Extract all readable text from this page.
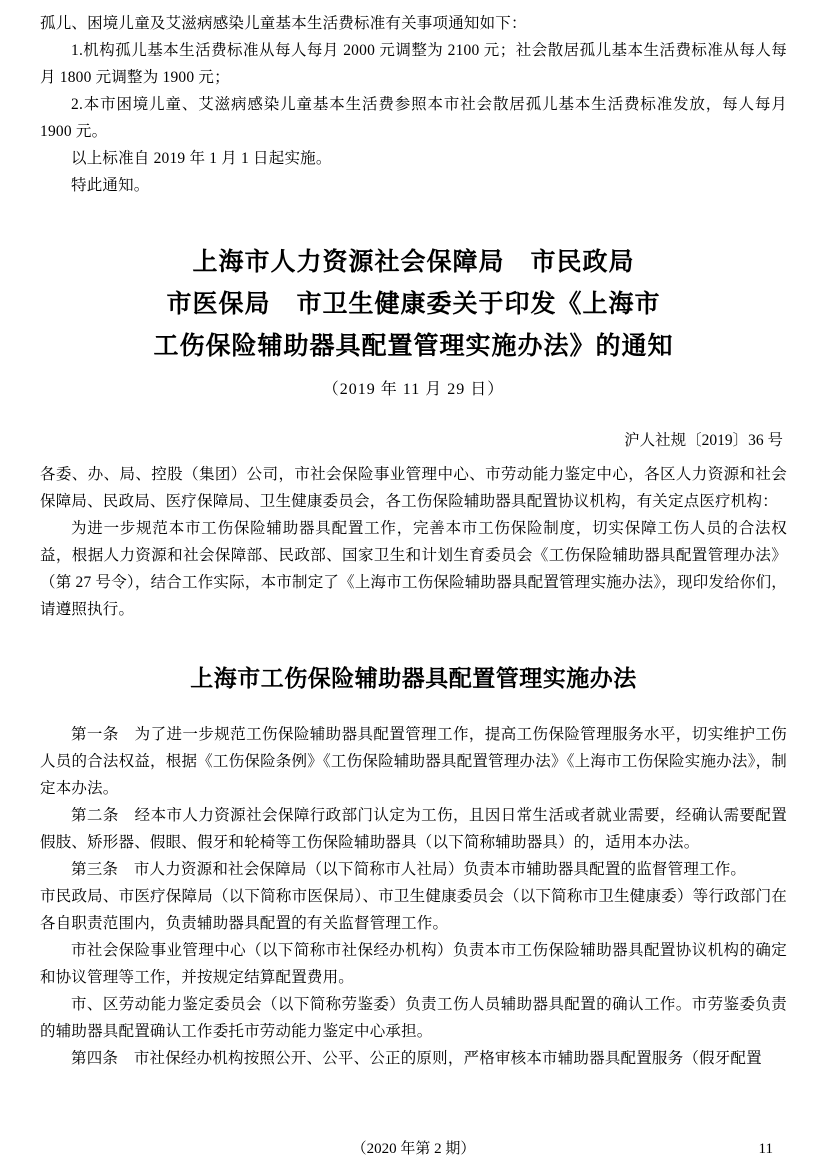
孤儿、困境儿童及艾滋病感染儿童基本生活费标准有关事项通知如下：

1.机构孤儿基本生活费标准从每人每月 2000 元调整为 2100 元；社会散居孤儿基本生活费标准从每人每月 1800 元调整为 1900 元；

2.本市困境儿童、艾滋病感染儿童基本生活费参照本市社会散居孤儿基本生活费标准发放，每人每月 1900 元。

以上标准自 2019 年 1 月 1 日起实施。

特此通知。

上海市人力资源社会保障局　市民政局
市医保局　市卫生健康委关于印发《上海市
工伤保险辅助器具配置管理实施办法》的通知
（2019 年 11 月 29 日）
沪人社规〔2019〕36 号

各委、办、局、控股（集团）公司，市社会保险事业管理中心、市劳动能力鉴定中心，各区人力资源和社会保障局、民政局、医疗保障局、卫生健康委员会，各工伤保险辅助器具配置协议机构，有关定点医疗机构：

为进一步规范本市工伤保险辅助器具配置工作，完善本市工伤保险制度，切实保障工伤人员的合法权益，根据人力资源和社会保障部、民政部、国家卫生和计划生育委员会《工伤保险辅助器具配置管理办法》（第 27 号令），结合工作实际，本市制定了《上海市工伤保险辅助器具配置管理实施办法》，现印发给你们，请遵照执行。

上海市工伤保险辅助器具配置管理实施办法

第一条　 为了进一步规范工伤保险辅助器具配置管理工作，提高工伤保险管理服务水平，切实维护工伤人员的合法权益，根据《工伤保险条例》《工伤保险辅助器具配置管理办法》《上海市工伤保险实施办法》，制定本办法。

第二条　 经本市人力资源社会保障行政部门认定为工伤，且因日常生活或者就业需要，经确认需要配置假肢、矫形器、假眼、假牙和轮椅等工伤保险辅助器具（以下简称辅助器具）的，适用本办法。

第三条　 市人力资源和社会保障局（以下简称市人社局）负责本市辅助器具配置的监督管理工作。

市民政局、市医疗保障局（以下简称市医保局）、市卫生健康委员会（以下简称市卫生健康委）等行政部门在各自职责范围内，负责辅助器具配置的有关监督管理工作。

市社会保险事业管理中心（以下简称市社保经办机构）负责本市工伤保险辅助器具配置协议机构的确定和协议管理等工作，并按规定结算配置费用。

市、区劳动能力鉴定委员会（以下简称劳鉴委）负责工伤人员辅助器具配置的确认工作。市劳鉴委负责的辅助器具配置确认工作委托市劳动能力鉴定中心承担。

第四条　 市社保经办机构按照公开、公平、公正的原则，严格审核本市辅助器具配置服务（假牙配置

（2020 年第 2 期）	11
